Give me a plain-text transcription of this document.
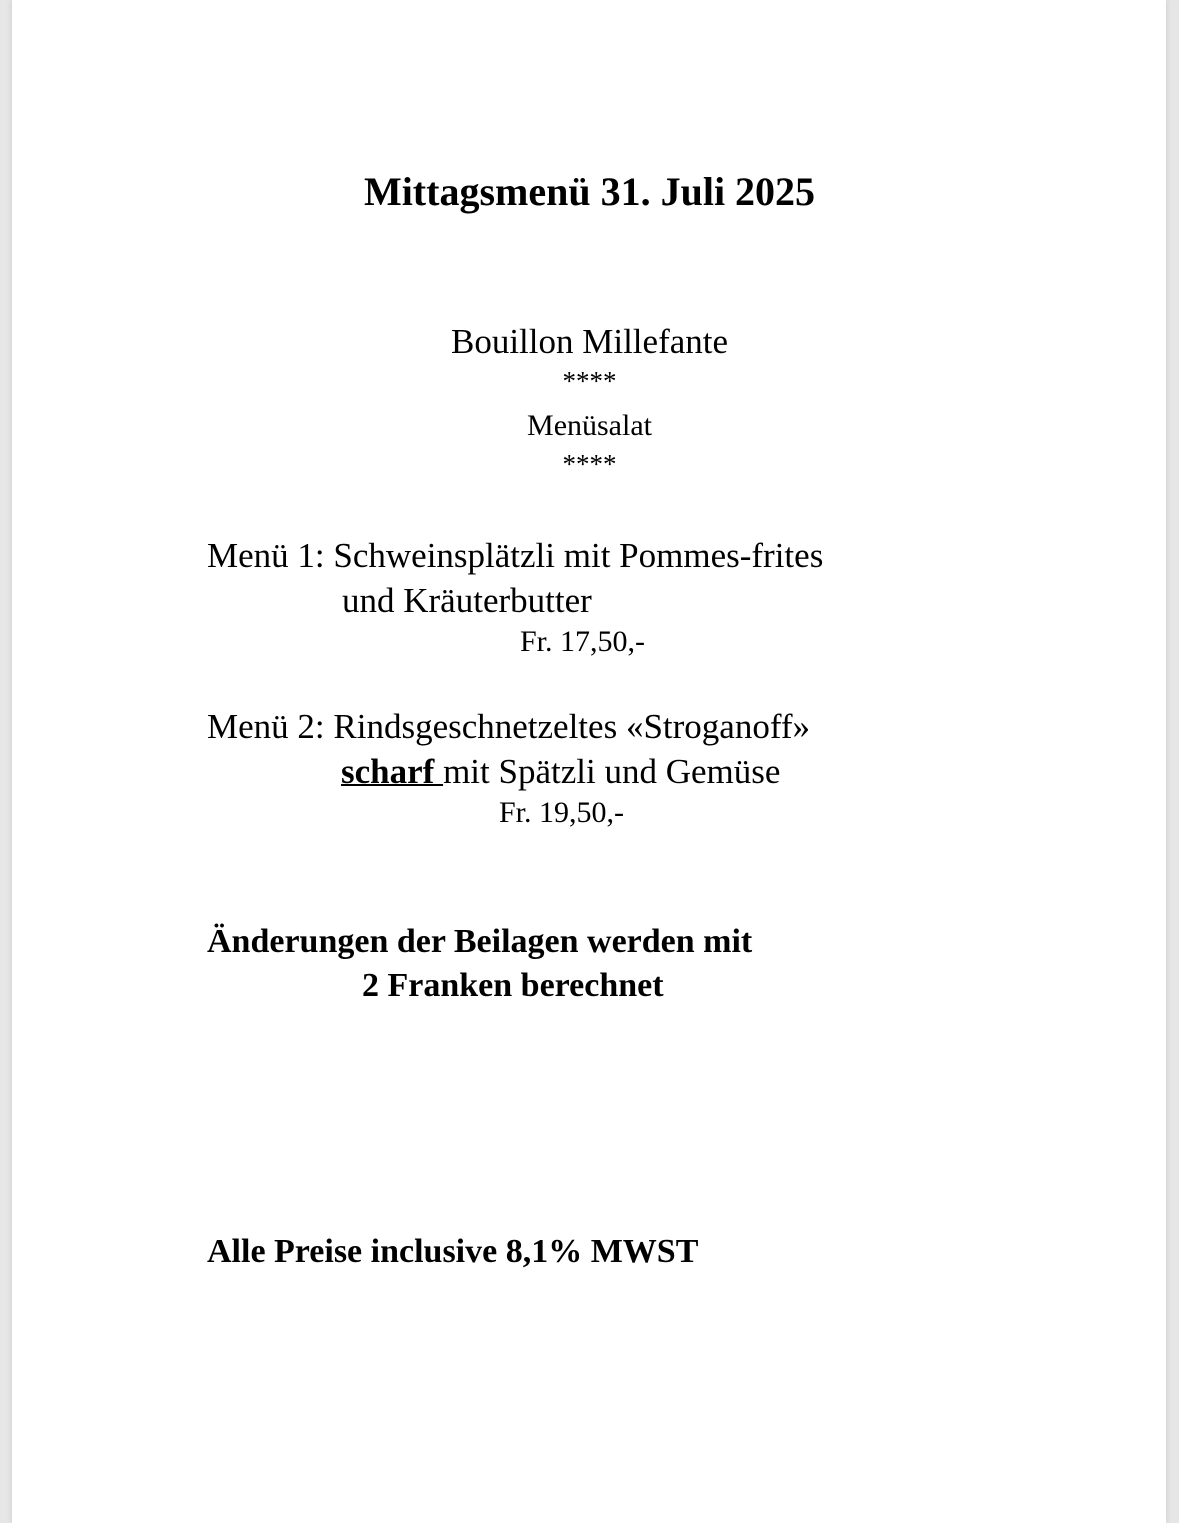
Mittagsmenü 31. Juli 2025
Bouillon Millefante
****
Menüsalat
****
Menü 1: Schweinsplätzli mit Pommes-frites
und Kräuterbutter
Fr. 17,50,-
Menü 2: Rindsgeschnetzeltes «Stroganoff»
scharf mit Spätzli und Gemüse
Fr. 19,50,-
Änderungen der Beilagen werden mit
2 Franken berechnet
Alle Preise inclusive 8,1% MWST
